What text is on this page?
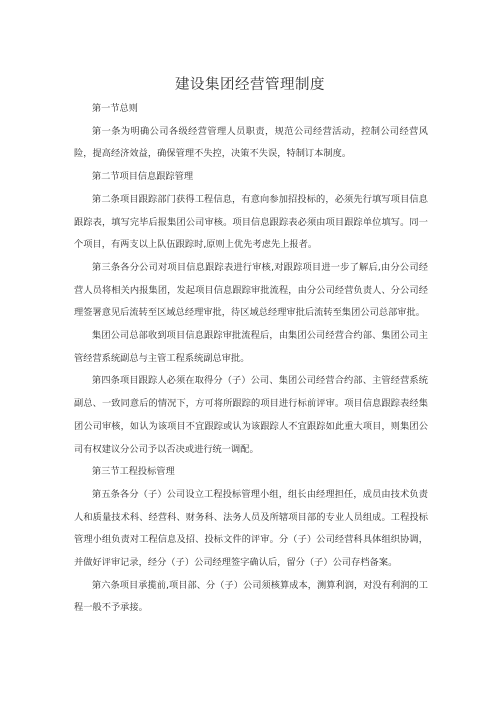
建设集团经营管理制度

第一节总则

第一条为明确公司各级经营管理人员职责，规范公司经营活动，控制公司经营风险，提高经济效益，确保管理不失控，决策不失误，特制订本制度。

第二节项目信息跟踪管理

第二条项目跟踪部门获得工程信息，有意向参加招投标的，必须先行填写项目信息跟踪表，填写完毕后报集团公司审核。项目信息跟踪表必须由项目跟踪单位填写。同一个项目，有两支以上队伍跟踪时,原则上优先考虑先上报者。

第三条各分公司对项目信息跟踪表进行审核,对跟踪项目进一步了解后,由分公司经营人员将相关内报集团，发起项目信息跟踪审批流程，由分公司经营负责人、分公司经理签署意见后流转至区域总经理审批，待区域总经理审批后流转至集团公司总部审批。

集团公司总部收到项目信息跟踪审批流程后，由集团公司经营合约部、集团公司主管经营系统副总与主管工程系统副总审批。

第四条项目跟踪人必须在取得分（子）公司、集团公司经营合约部、主管经营系统副总、一致同意后的情况下，方可将所跟踪的项目进行标前评审。项目信息跟踪表经集团公司审核，如认为该项目不宜跟踪或认为该跟踪人不宜跟踪如此重大项目，则集团公司有权建议分公司予以否决或进行统一调配。

第三节工程投标管理

第五条各分（子）公司设立工程投标管理小组，组长由经理担任，成员由技术负责人和质量技术科、经营科、财务科、法务人员及所辖项目部的专业人员组成。工程投标管理小组负责对工程信息及招、投标文件的评审。分（子）公司经营科具体组织协调，并做好评审记录，经分（子）公司经理签字确认后，留分（子）公司存档备案。

第六条项目承揽前,项目部、分（子）公司须核算成本，测算利润，对没有利润的工程一般不予承接。
